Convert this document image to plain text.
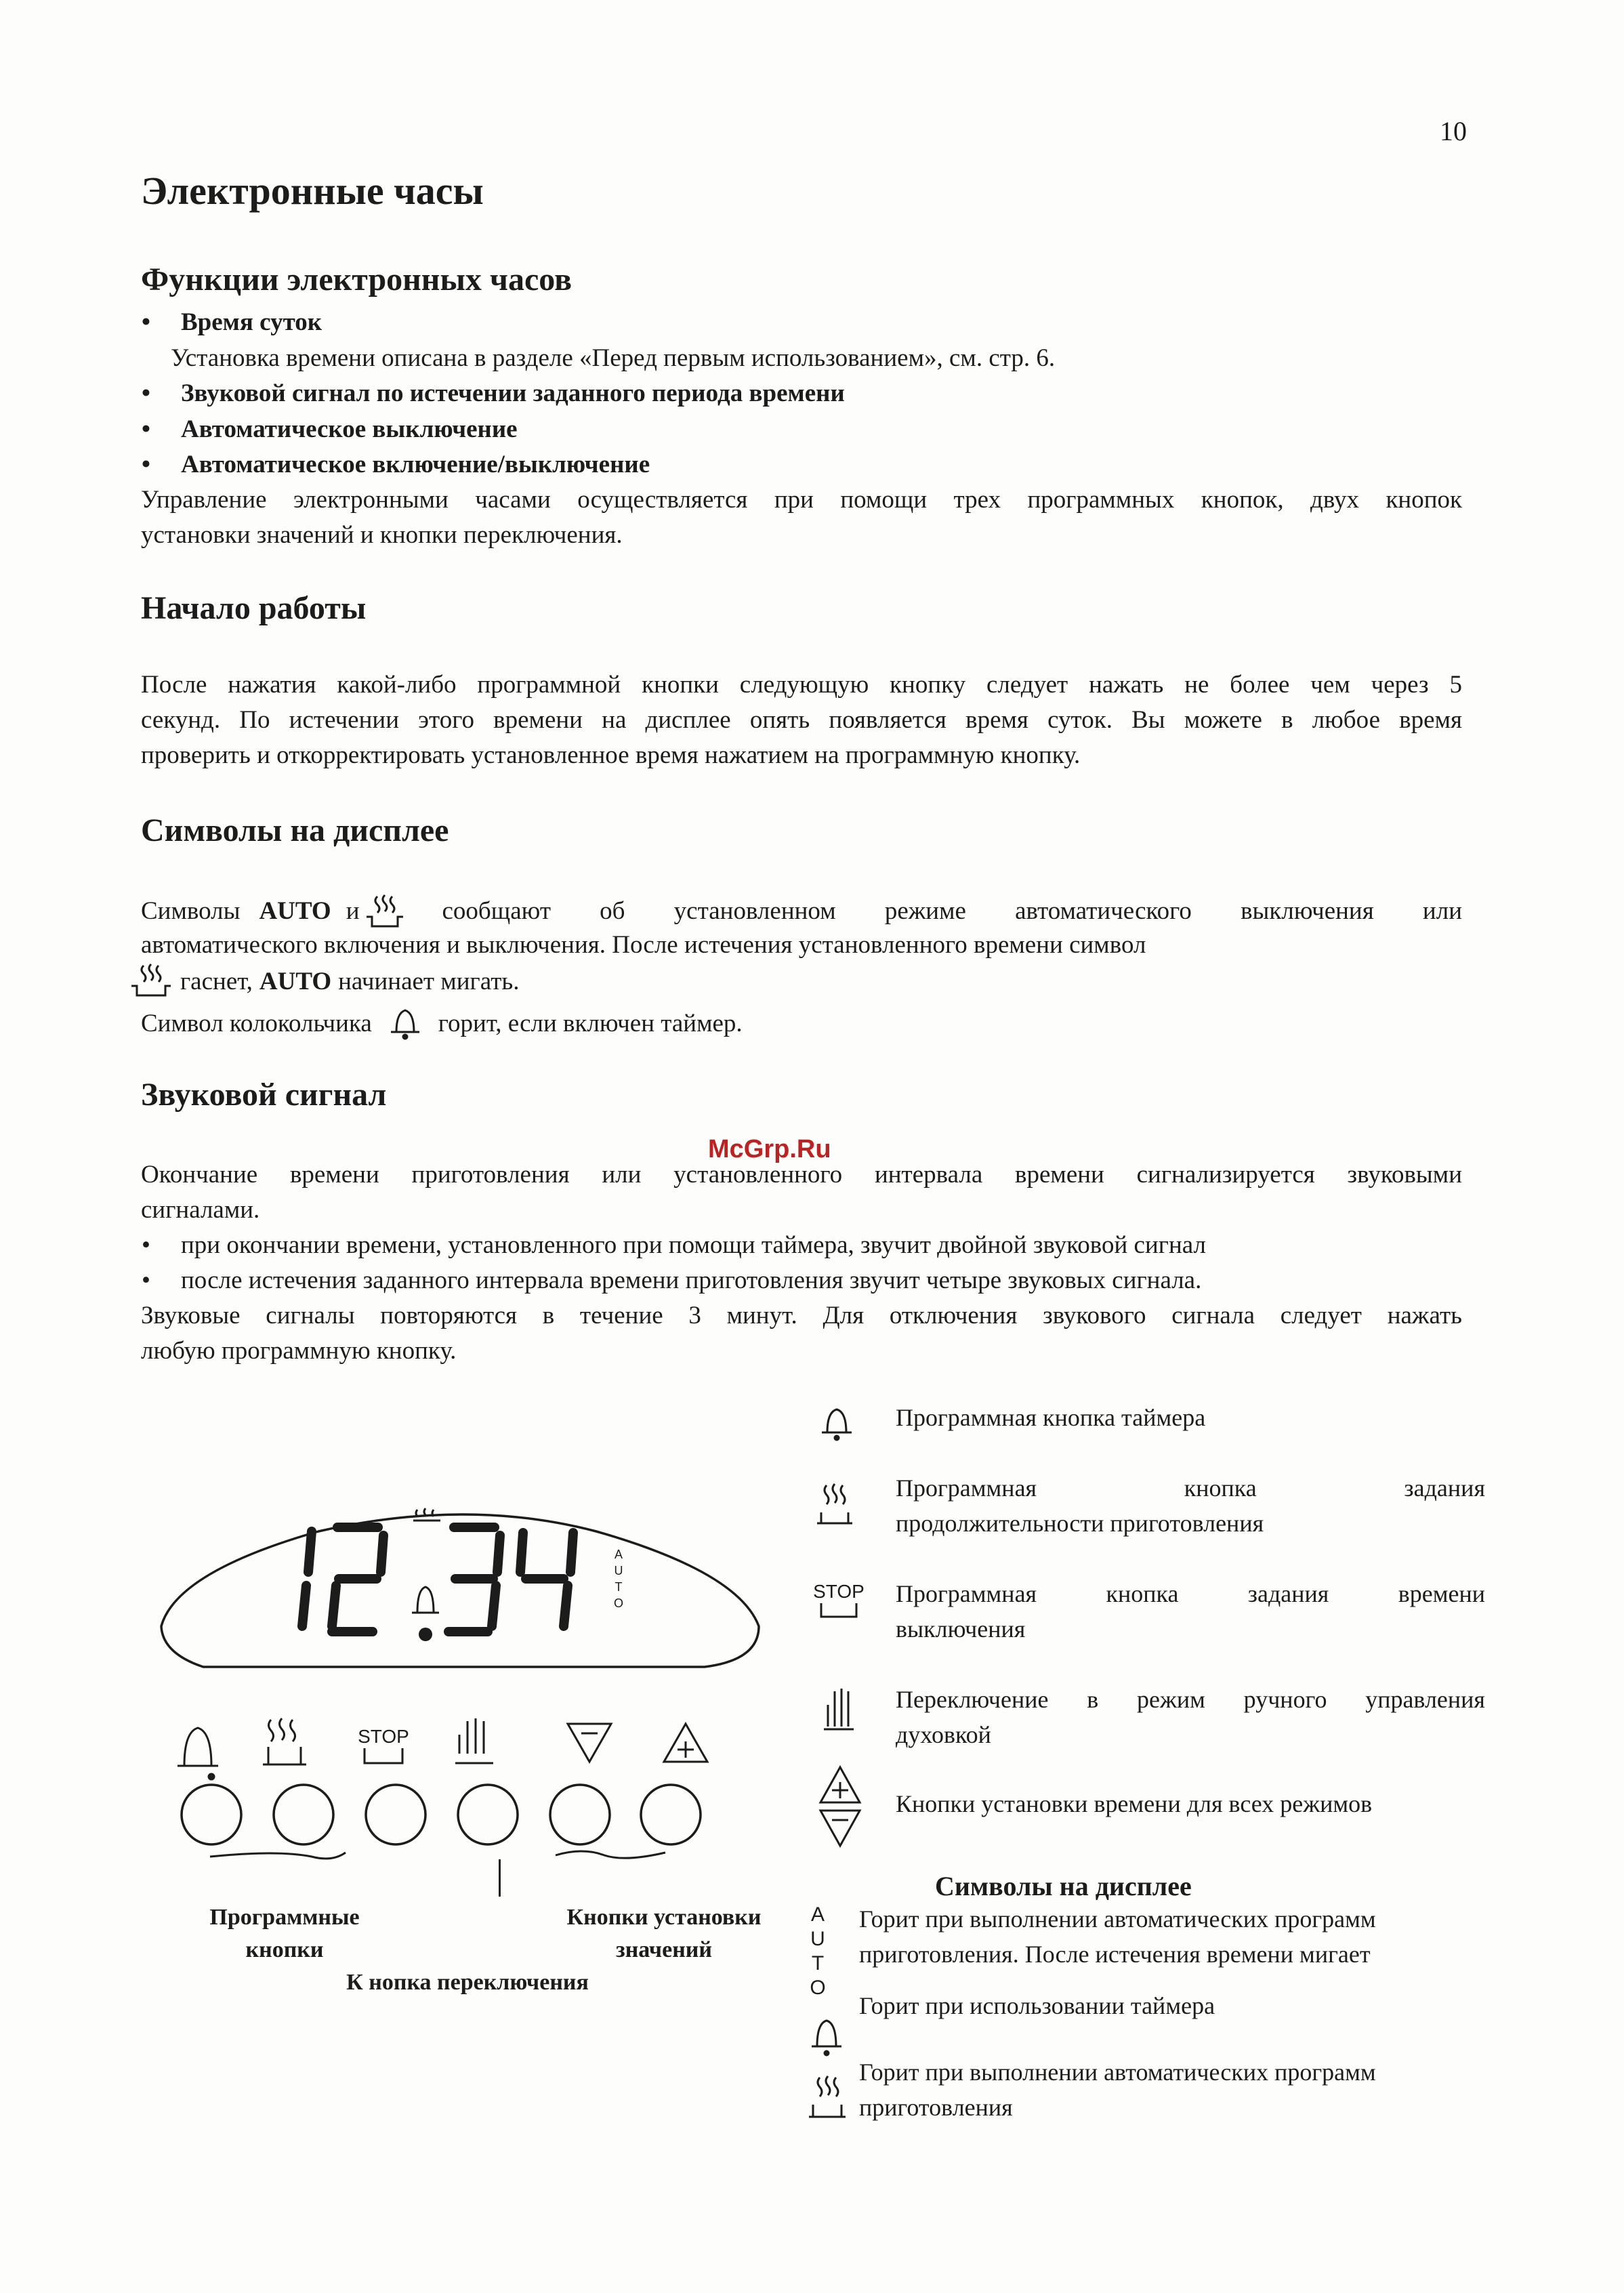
10
Электронные часы
Функции электронных часов
• Время суток
Установка времени описана в разделе «Перед первым использованием», см. стр. 6.
• Звуковой сигнал по истечении заданного периода времени
• Автоматическое выключение
• Автоматическое включение/выключение
Управление электронными часами осуществляется при помощи трех программных кнопок, двух кнопок
установки значений и кнопки переключения.
Начало работы
После нажатия какой-либо программной кнопки следующую кнопку следует нажать не более чем через 5
секунд. По истечении этого времени на дисплее опять появляется время суток. Вы можете в любое время
проверить и откорректировать установленное время нажатием на программную кнопку.
Символы на дисплее
Символы AUTO и	сообщают об установленном режиме автоматического выключения или
автоматического включения и выключения. После истечения установленного времени символ
гаснет, AUTO начинает мигать.
Символ колокольчика	горит, если включен таймер.
Звуковой сигнал
McGrp.Ru
Окончание времени приготовления или установленного интервала времени сигнализируется звуковыми
сигналами.
• при окончании времени, установленного при помощи таймера, звучит двойной звуковой сигнал
• после истечения заданного интервала времени приготовления звучит четыре звуковых сигнала.
Звуковые сигналы повторяются в течение 3 минут. Для отключения звукового сигнала следует нажать
любую программную кнопку.
A
U
T
O
STOP
Программные
кнопки
Кнопки установки
значений
К нопка переключения
Программная кнопка таймера
Программная кнопка задания
продолжительности приготовления
STOP Программная кнопка задания времени
выключения
Переключение в режим ручного управления
духовкой
Кнопки установки времени для всех режимов
Символы на дисплее
A
U
T
O
Горит при выполнении автоматических программ
приготовления. После истечения времени мигает
Горит при использовании таймера
Горит при выполнении автоматических программ
приготовления
